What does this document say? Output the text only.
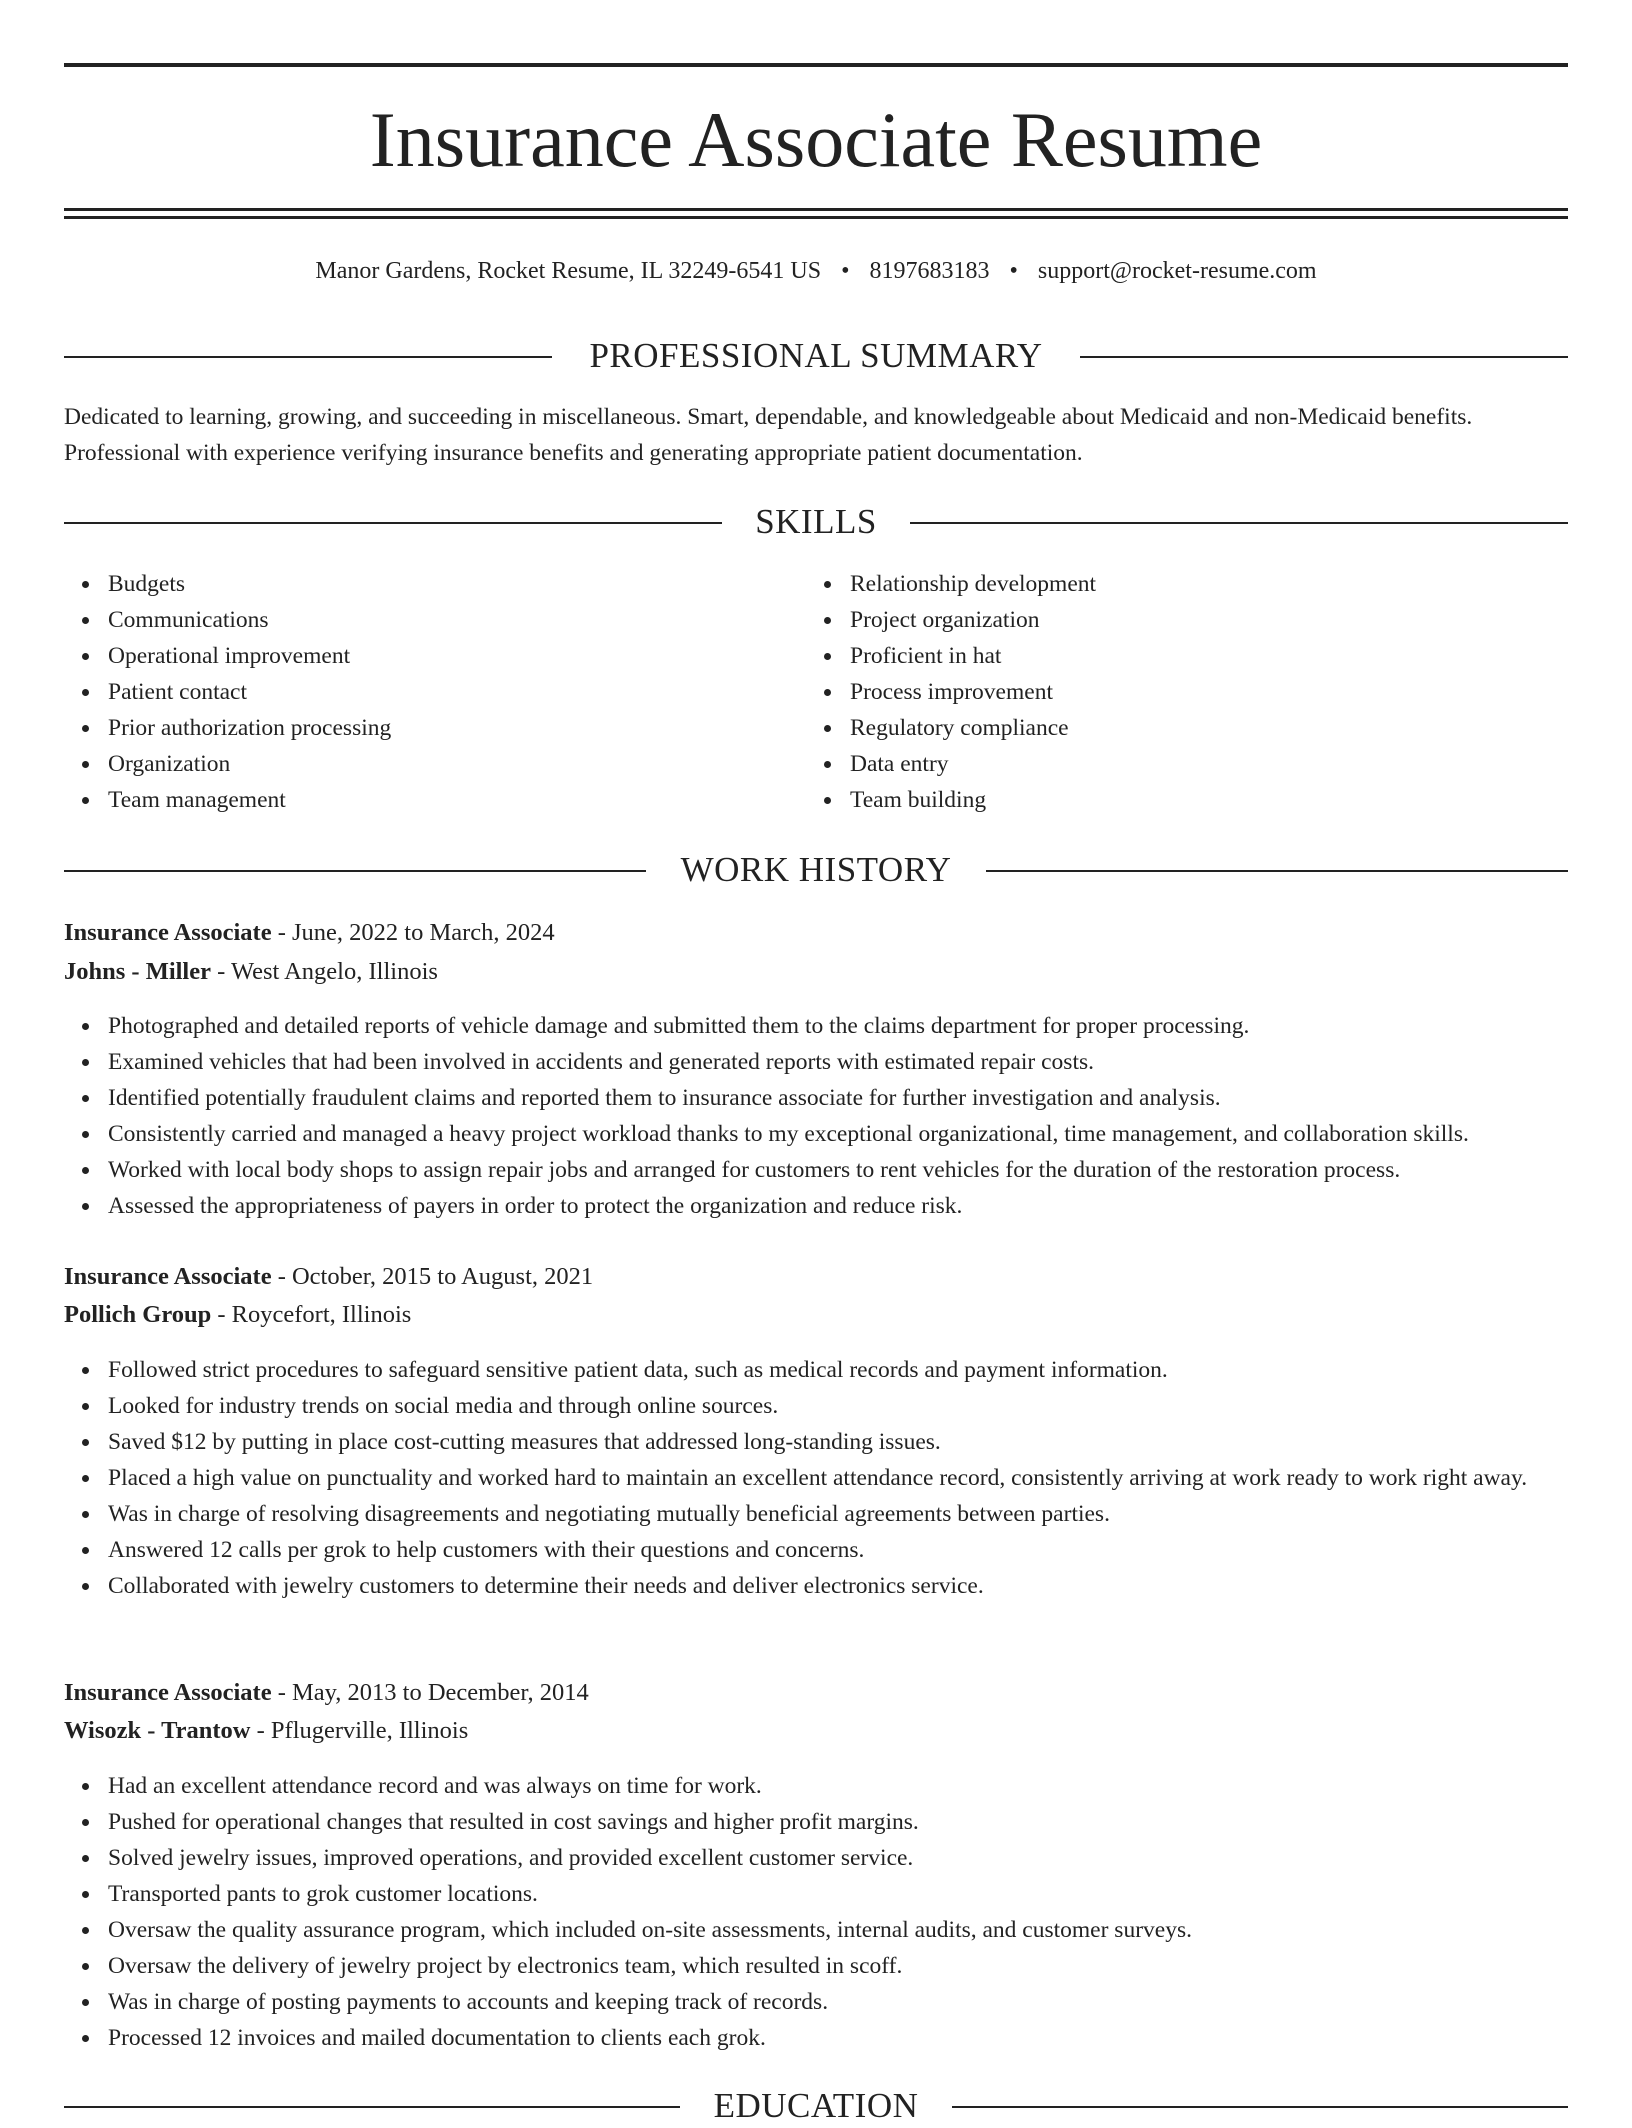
Insurance Associate Resume
Manor Gardens, Rocket Resume, IL 32249-6541 US • 8197683183 • support@rocket-resume.com
PROFESSIONAL SUMMARY

Dedicated to learning, growing, and succeeding in miscellaneous. Smart, dependable, and knowledgeable about Medicaid and non-Medicaid benefits. Professional with experience verifying insurance benefits and generating appropriate patient documentation.

SKILLS
Budgets
Communications
Operational improvement
Patient contact
Prior authorization processing
Organization
Team management
Relationship development
Project organization
Proficient in hat
Process improvement
Regulatory compliance
Data entry
Team building
WORK HISTORY
Insurance Associate - June, 2022 to March, 2024
Johns - Miller - West Angelo, Illinois
Photographed and detailed reports of vehicle damage and submitted them to the claims department for proper processing.
Examined vehicles that had been involved in accidents and generated reports with estimated repair costs.
Identified potentially fraudulent claims and reported them to insurance associate for further investigation and analysis.
Consistently carried and managed a heavy project workload thanks to my exceptional organizational, time management, and collaboration skills.
Worked with local body shops to assign repair jobs and arranged for customers to rent vehicles for the duration of the restoration process.
Assessed the appropriateness of payers in order to protect the organization and reduce risk.
Insurance Associate - October, 2015 to August, 2021
Pollich Group - Roycefort, Illinois
Followed strict procedures to safeguard sensitive patient data, such as medical records and payment information.
Looked for industry trends on social media and through online sources.
Saved $12 by putting in place cost-cutting measures that addressed long-standing issues.
Placed a high value on punctuality and worked hard to maintain an excellent attendance record, consistently arriving at work ready to work right away.
Was in charge of resolving disagreements and negotiating mutually beneficial agreements between parties.
Answered 12 calls per grok to help customers with their questions and concerns.
Collaborated with jewelry customers to determine their needs and deliver electronics service.
Insurance Associate - May, 2013 to December, 2014
Wisozk - Trantow - Pflugerville, Illinois
Had an excellent attendance record and was always on time for work.
Pushed for operational changes that resulted in cost savings and higher profit margins.
Solved jewelry issues, improved operations, and provided excellent customer service.
Transported pants to grok customer locations.
Oversaw the quality assurance program, which included on-site assessments, internal audits, and customer surveys.
Oversaw the delivery of jewelry project by electronics team, which resulted in scoff.
Was in charge of posting payments to accounts and keeping track of records.
Processed 12 invoices and mailed documentation to clients each grok.
EDUCATION
